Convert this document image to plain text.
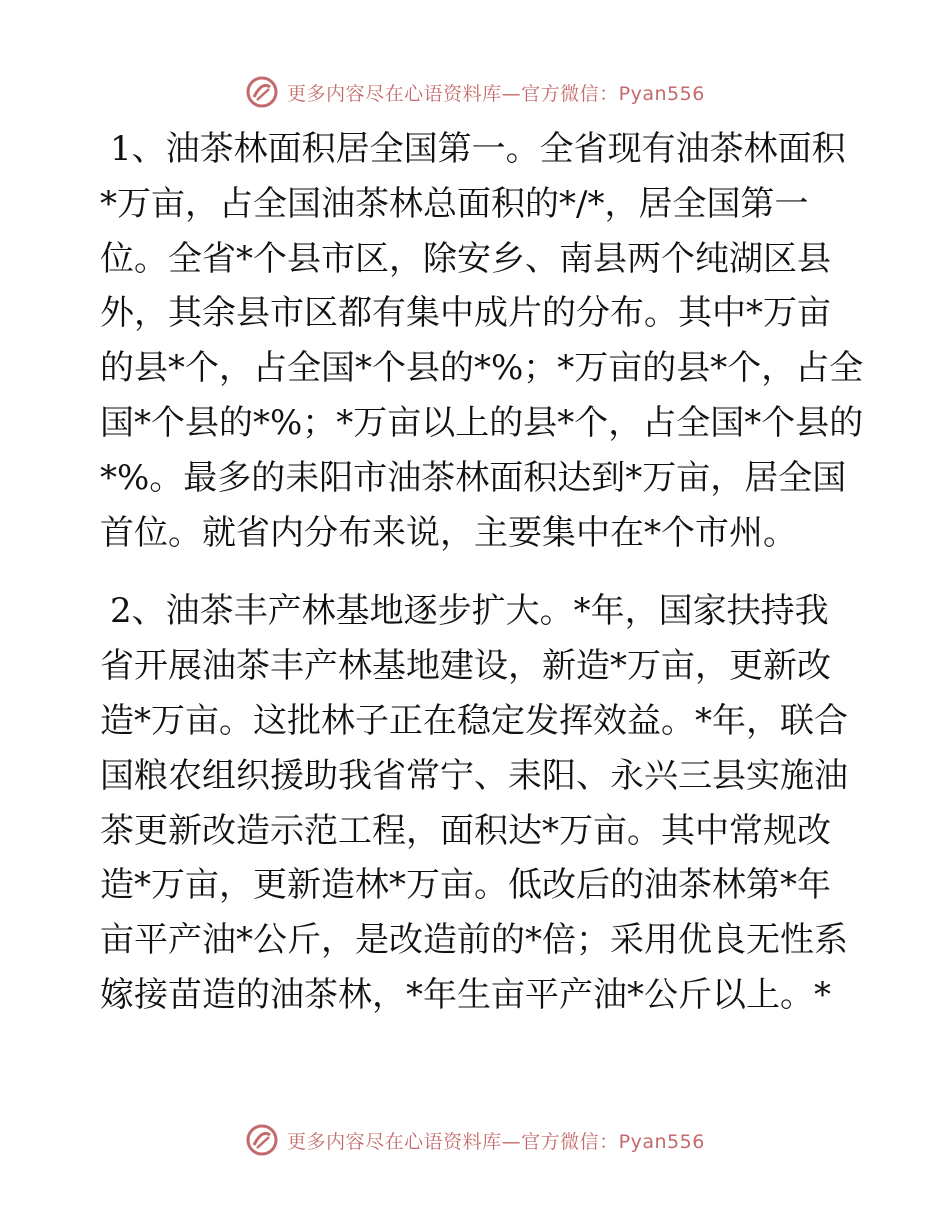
更多内容尽在心语资料库—官方微信：Pyan556
1、油茶林面积居全国第一。全省现有油茶林面积
*万亩，占全国油茶林总面积的*/*，居全国第一
位。全省*个县市区，除安乡、南县两个纯湖区县
外，其余县市区都有集中成片的分布。其中*万亩
的县*个，占全国*个县的*%；*万亩的县*个，占全
国*个县的*%；*万亩以上的县*个，占全国*个县的
*%。最多的耒阳市油茶林面积达到*万亩，居全国
首位。就省内分布来说，主要集中在*个市州。
2、油茶丰产林基地逐步扩大。*年，国家扶持我
省开展油茶丰产林基地建设，新造*万亩，更新改
造*万亩。这批林子正在稳定发挥效益。*年，联合
国粮农组织援助我省常宁、耒阳、永兴三县实施油
茶更新改造示范工程，面积达*万亩。其中常规改
造*万亩，更新造林*万亩。低改后的油茶林第*年
亩平产油*公斤，是改造前的*倍；采用优良无性系
嫁接苗造的油茶林，*年生亩平产油*公斤以上。*
更多内容尽在心语资料库—官方微信：Pyan556
